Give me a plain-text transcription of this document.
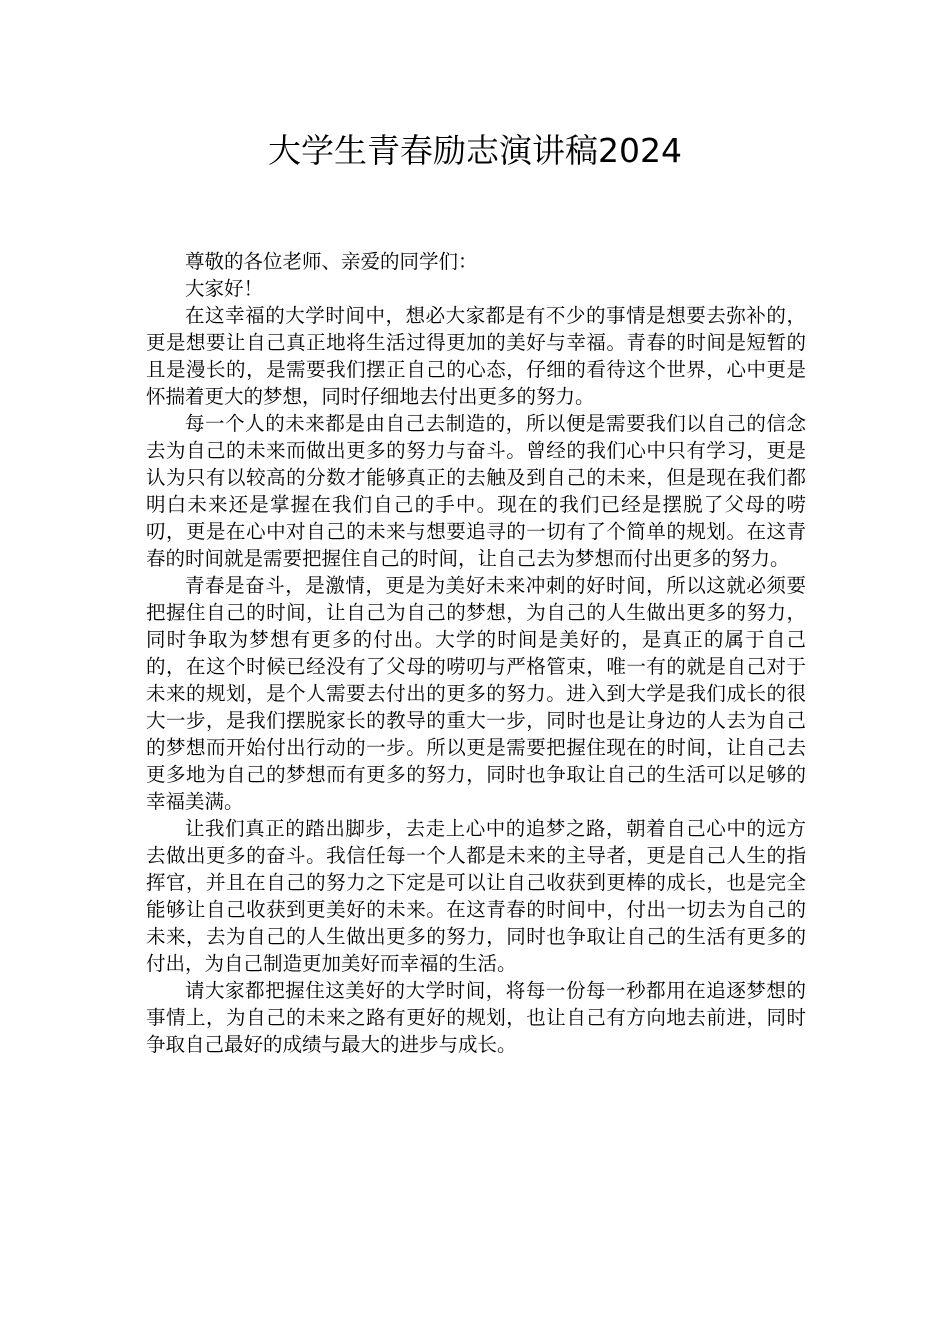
大学生青春励志演讲稿2024

尊敬的各位老师、亲爱的同学们：

大家好！

在这幸福的大学时间中，想必大家都是有不少的事情是想要去弥补的，更是想要让自己真正地将生活过得更加的美好与幸福。青春的时间是短暂的且是漫长的，是需要我们摆正自己的心态，仔细的看待这个世界，心中更是怀揣着更大的梦想，同时仔细地去付出更多的努力。

每一个人的未来都是由自己去制造的，所以便是需要我们以自己的信念去为自己的未来而做出更多的努力与奋斗。曾经的我们心中只有学习，更是认为只有以较高的分数才能够真正的去触及到自己的未来，但是现在我们都明白未来还是掌握在我们自己的手中。现在的我们已经是摆脱了父母的唠叨，更是在心中对自己的未来与想要追寻的一切有了个简单的规划。在这青春的时间就是需要把握住自己的时间，让自己去为梦想而付出更多的努力。

青春是奋斗，是激情，更是为美好未来冲刺的好时间，所以这就必须要把握住自己的时间，让自己为自己的梦想，为自己的人生做出更多的努力，同时争取为梦想有更多的付出。大学的时间是美好的，是真正的属于自己的，在这个时候已经没有了父母的唠叨与严格管束，唯一有的就是自己对于未来的规划，是个人需要去付出的更多的努力。进入到大学是我们成长的很大一步，是我们摆脱家长的教导的重大一步，同时也是让身边的人去为自己的梦想而开始付出行动的一步。所以更是需要把握住现在的时间，让自己去更多地为自己的梦想而有更多的努力，同时也争取让自己的生活可以足够的幸福美满。

让我们真正的踏出脚步，去走上心中的追梦之路，朝着自己心中的远方去做出更多的奋斗。我信任每一个人都是未来的主导者，更是自己人生的指挥官，并且在自己的努力之下定是可以让自己收获到更棒的成长，也是完全能够让自己收获到更美好的未来。在这青春的时间中，付出一切去为自己的未来，去为自己的人生做出更多的努力，同时也争取让自己的生活有更多的付出，为自己制造更加美好而幸福的生活。

请大家都把握住这美好的大学时间，将每一份每一秒都用在追逐梦想的事情上，为自己的未来之路有更好的规划，也让自己有方向地去前进，同时争取自己最好的成绩与最大的进步与成长。
